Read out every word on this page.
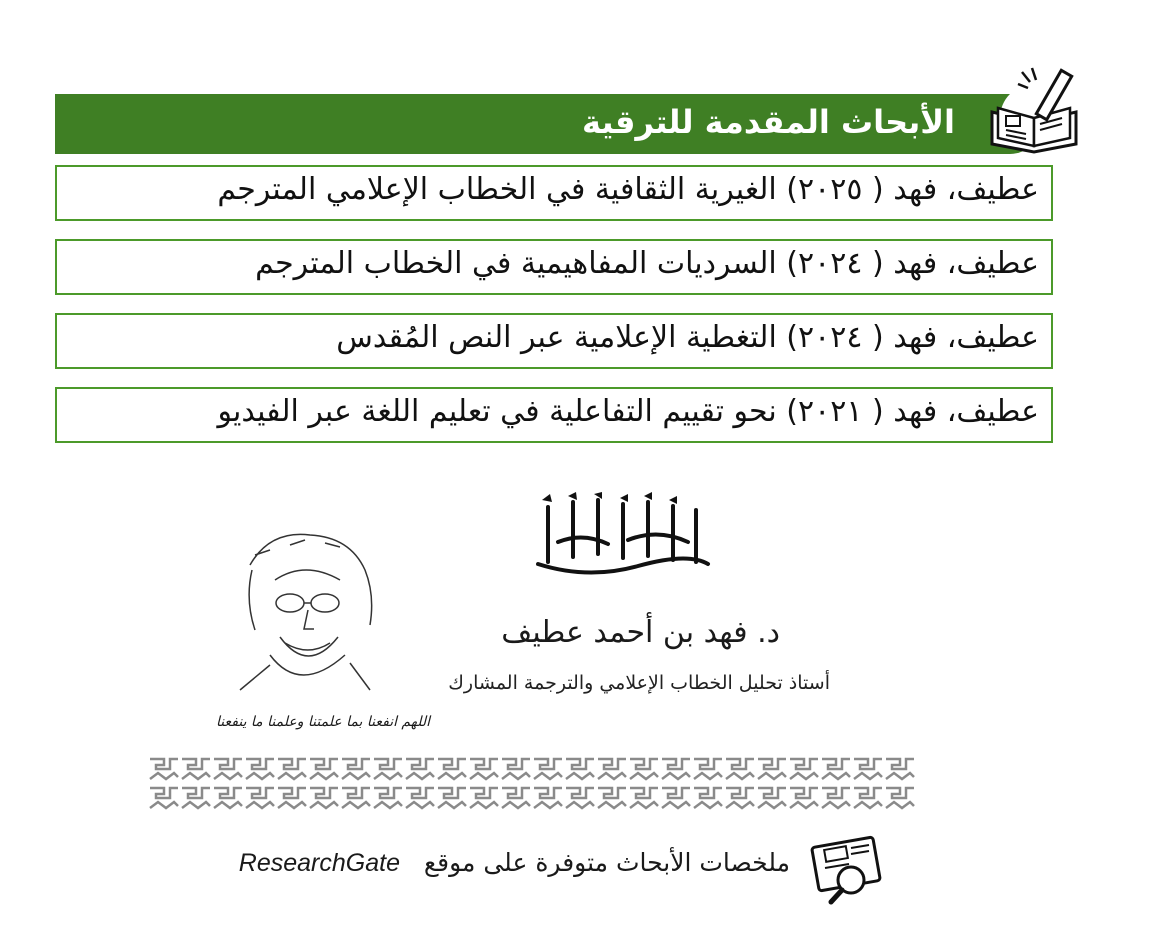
الأبحاث المقدمة للترقية
عطيف، فهد ( ٢٠٢٥) الغيرية الثقافية في الخطاب الإعلامي المترجم
عطيف، فهد ( ٢٠٢٤) السرديات المفاهيمية في الخطاب المترجم
عطيف، فهد ( ٢٠٢٤) التغطية الإعلامية عبر النص المُقدس
عطيف، فهد ( ٢٠٢١) نحو تقييم التفاعلية في تعليم اللغة عبر الفيديو
د. فهد بن أحمد عطيف
أستاذ تحليل الخطاب الإعلامي والترجمة المشارك
اللهم انفعنا بما علمتنا وعلمنا ما ينفعنا
ملخصات الأبحاث متوفرة على موقع   ResearchGate
